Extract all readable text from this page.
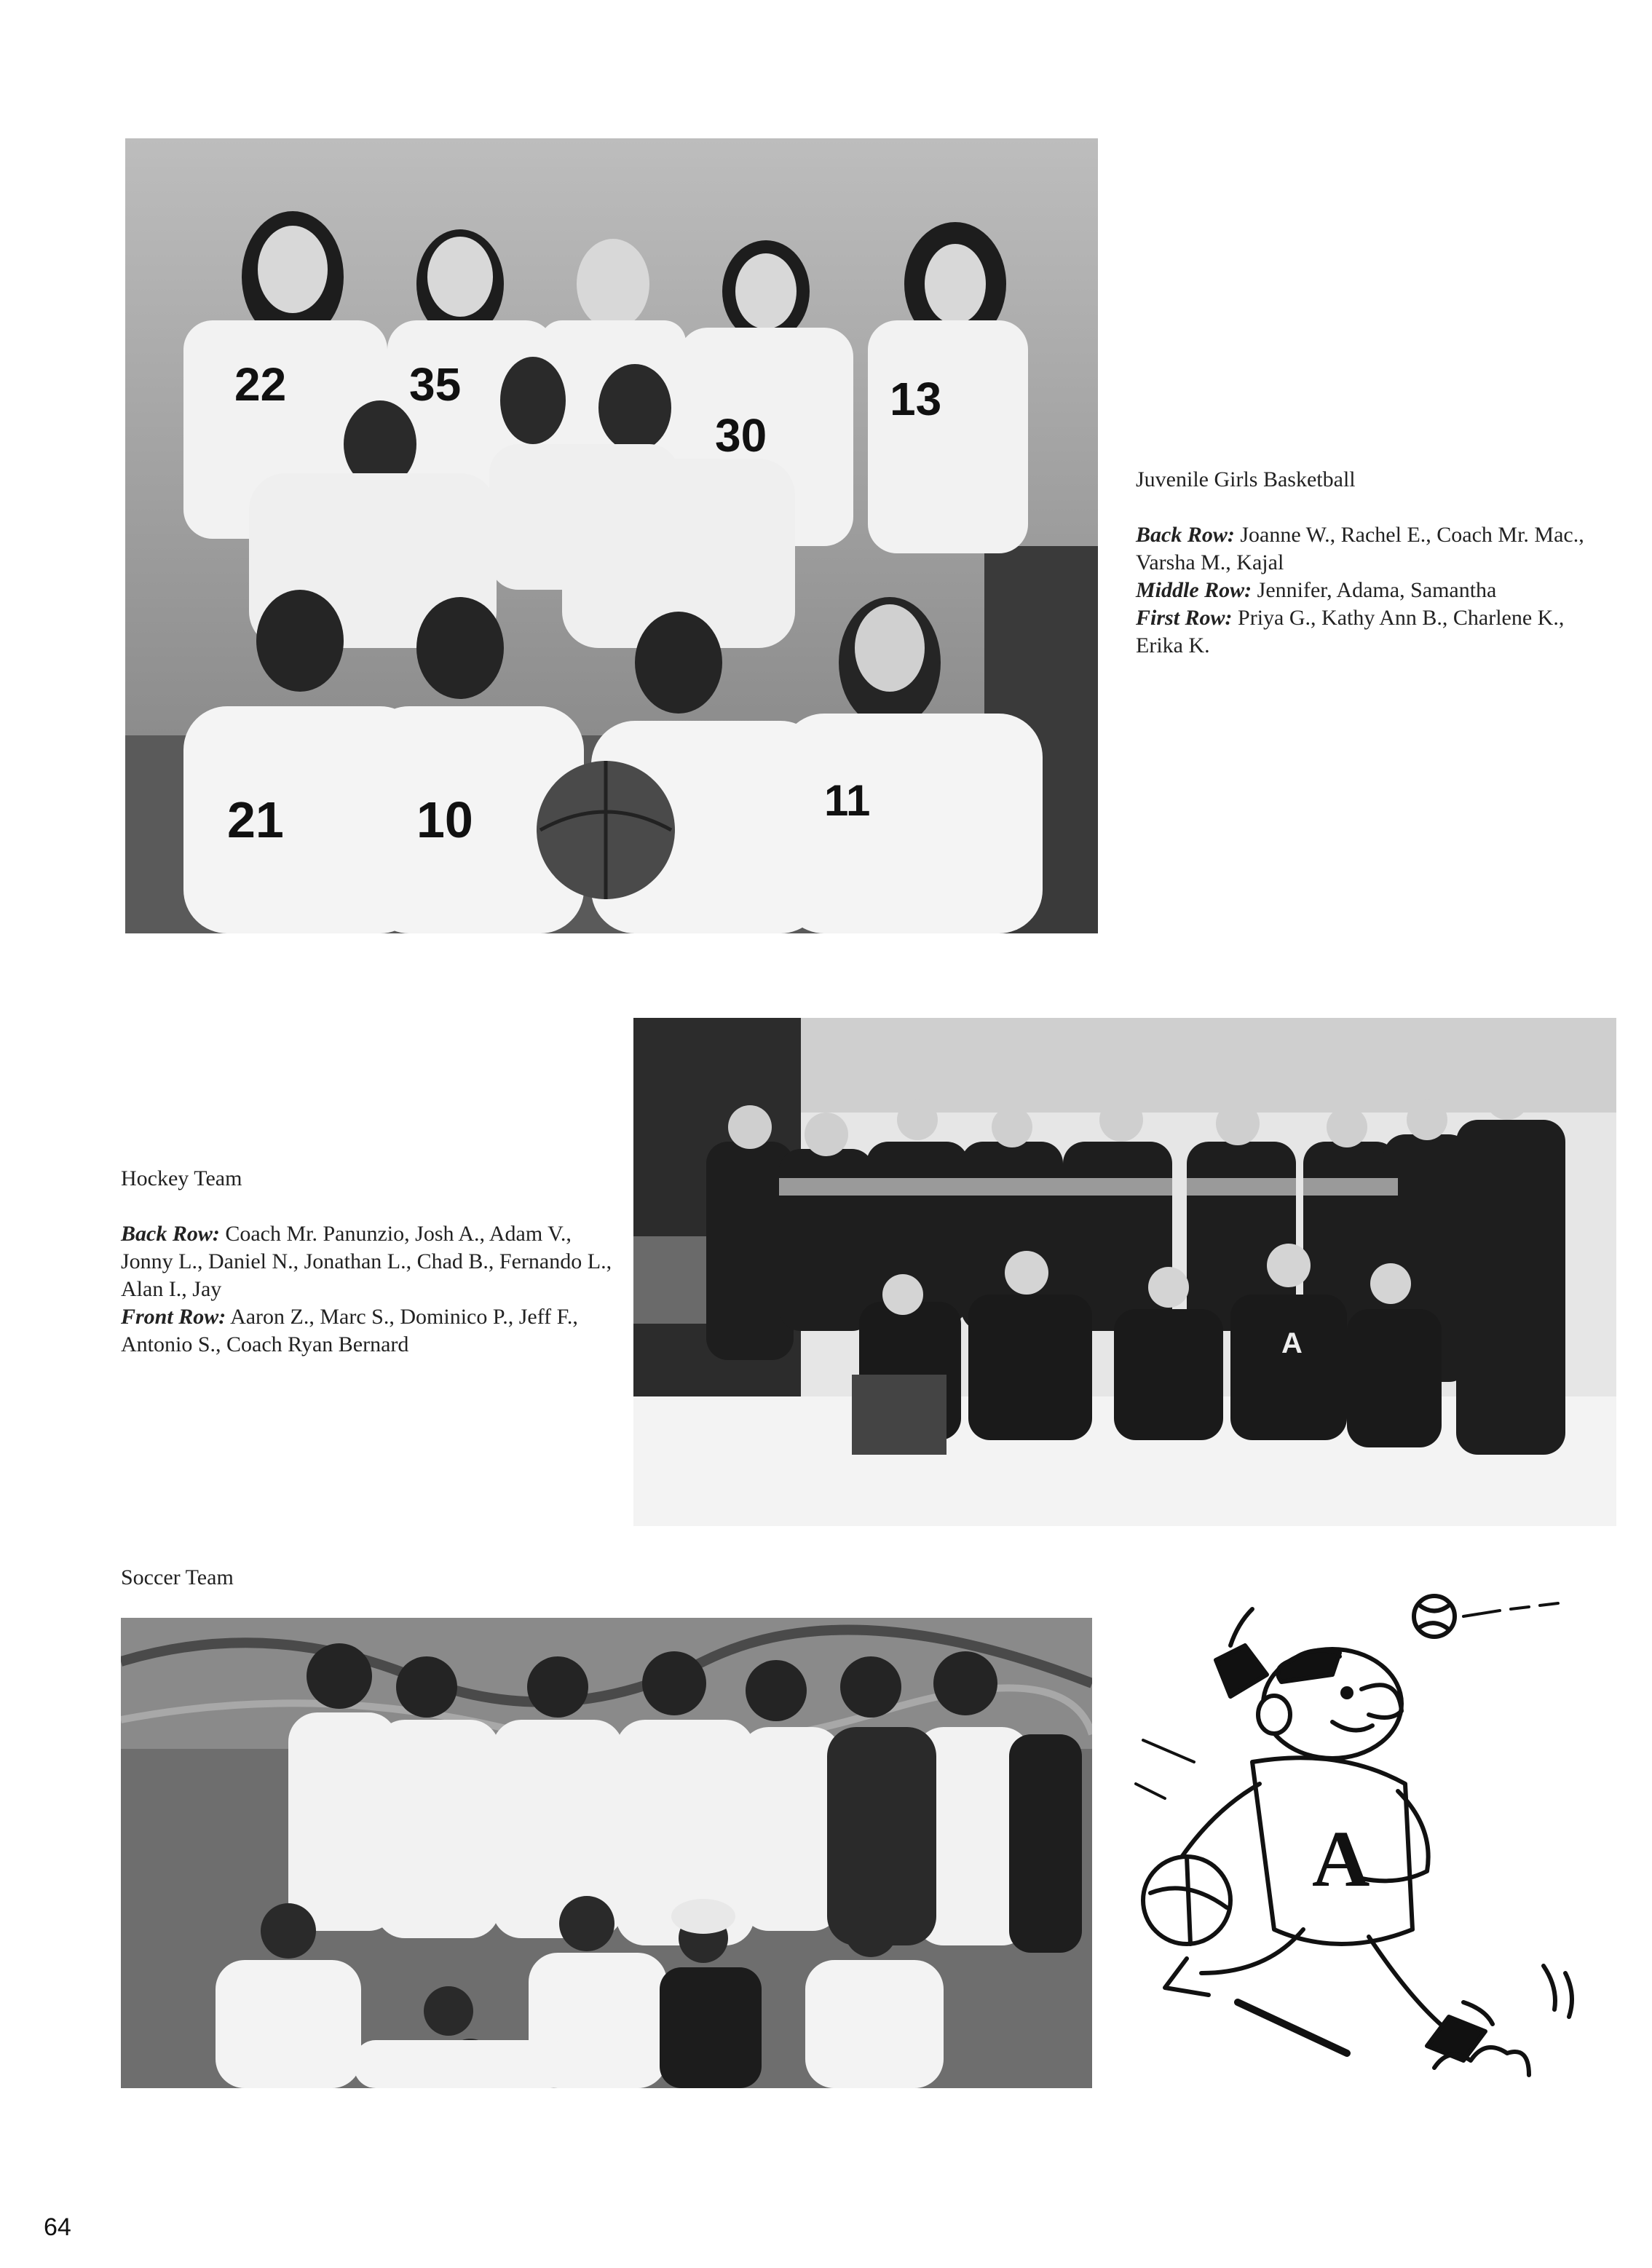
22	35
30
13
21	10	11
Juvenile Girls Basketball
Back Row: Joanne W., Rachel E., Coach Mr. Mac., Varsha M., Kajal
Middle Row: Jennifer, Adama, Samantha
First Row: Priya G., Kathy Ann B., Charlene K., Erika K.
A
Hockey Team
Back Row: Coach Mr. Panunzio, Josh A., Adam V., Jonny L., Daniel N., Jonathan L., Chad B., Fernando L., Alan I., Jay
Front Row: Aaron Z., Marc S., Dominico P., Jeff F., Antonio S., Coach Ryan Bernard
Soccer Team
A
64
